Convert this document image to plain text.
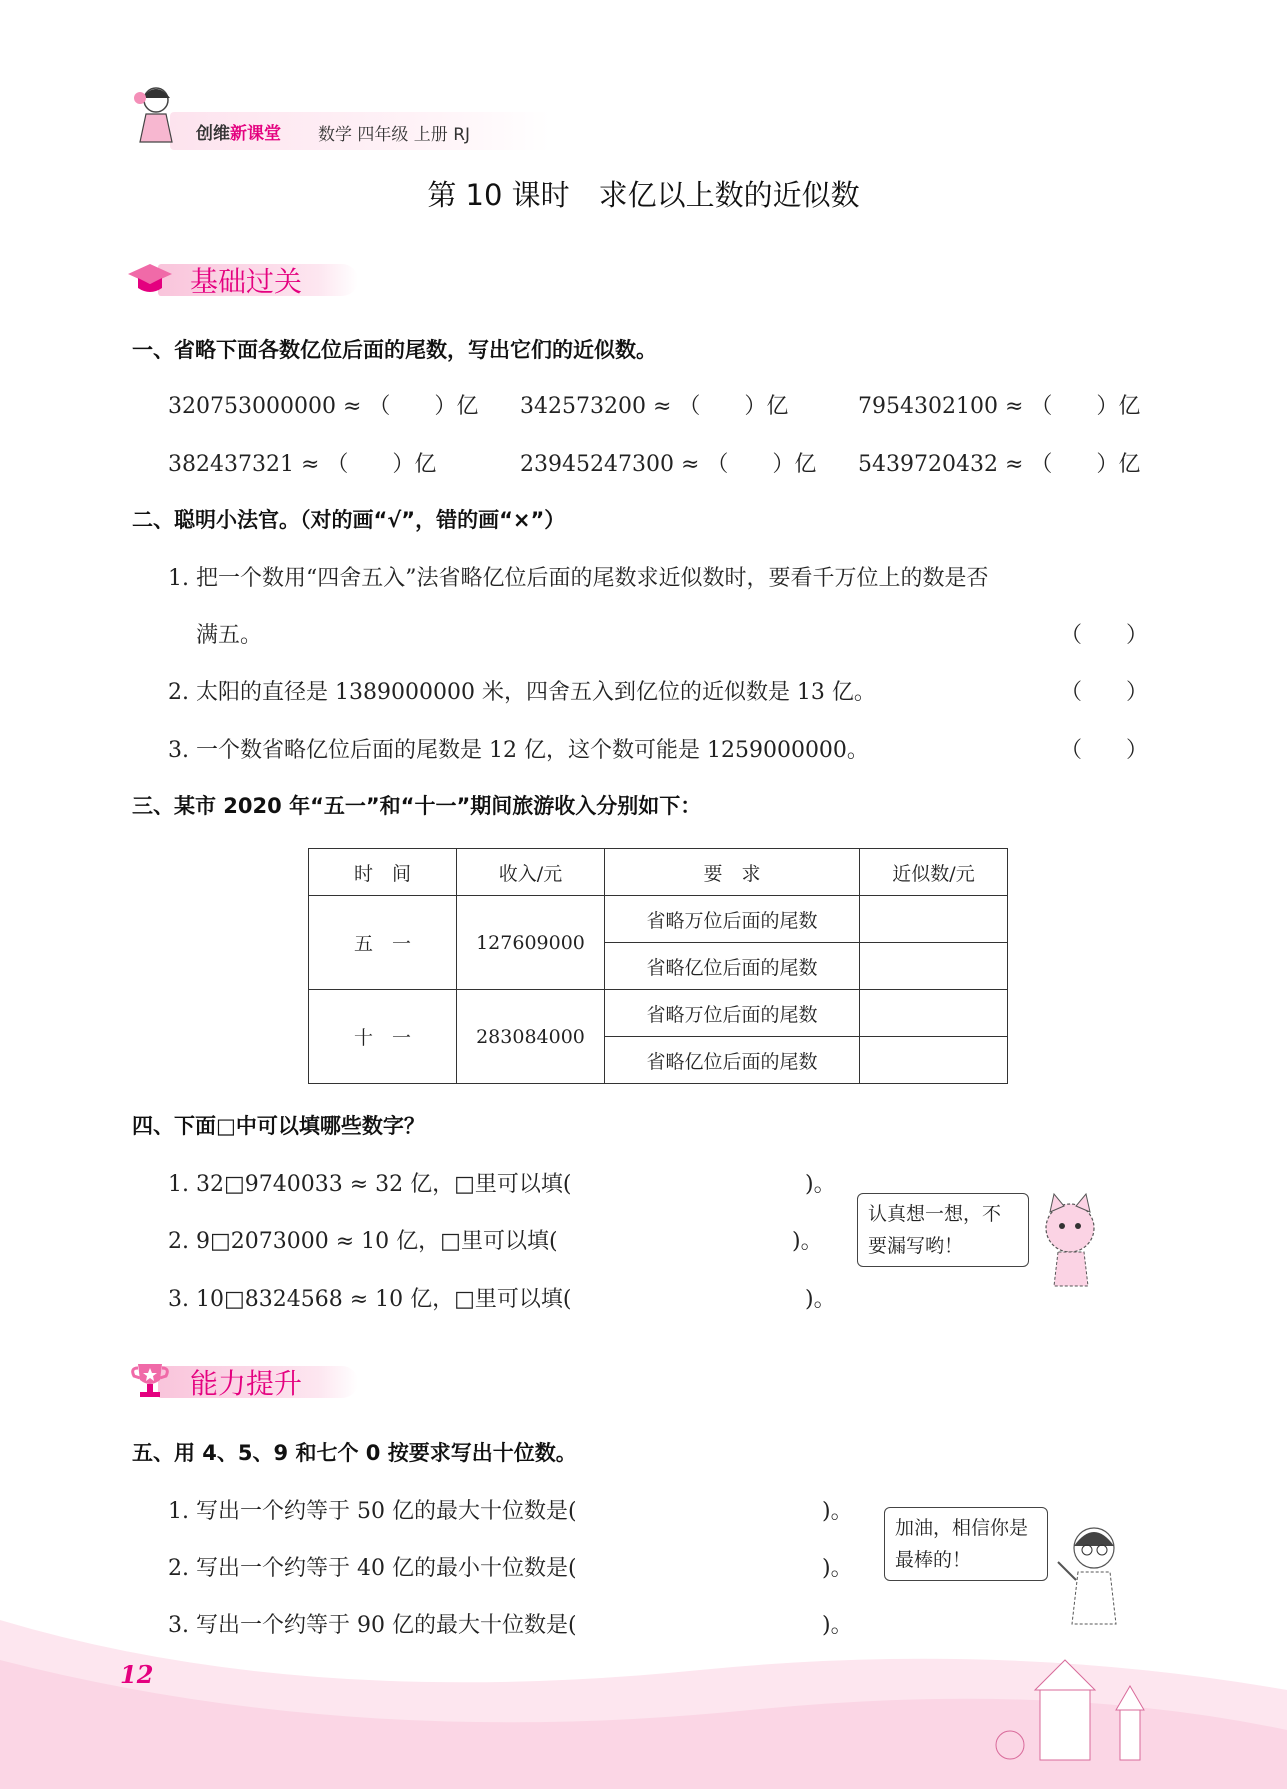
创维新课堂 数学 四年级 上册 RJ
第 10 课时　求亿以上数的近似数
基础过关
一、省略下面各数亿位后面的尾数，写出它们的近似数。
320753000000 ≈ （　　）亿 342573200 ≈ （　　）亿	7954302100 ≈ （　　）亿
382437321 ≈ （　　）亿	23945247300 ≈ （　　）亿 5439720432 ≈ （　　）亿
二、聪明小法官。（对的画“√”，错的画“×”）
1. 把一个数用“四舍五入”法省略亿位后面的尾数求近似数时，要看千万位上的数是否
满五。	（　　）
2. 太阳的直径是 1389000000 米，四舍五入到亿位的近似数是 13 亿。	（　　）
3. 一个数省略亿位后面的尾数是 12 亿，这个数可能是 1259000000。	（　　）
三、某市 2020 年“五一”和“十一”期间旅游收入分别如下：
时　间	收入/元	要　求	近似数/元
五　一	127609000	省略万位后面的尾数	
		省略亿位后面的尾数	
十　一	283084000	省略万位后面的尾数	
		省略亿位后面的尾数	
四、下面□中可以填哪些数字？
1. 32□9740033 ≈ 32 亿，□里可以填(	)。
2. 9□2073000 ≈ 10 亿，□里可以填(	)。
3. 10□8324568 ≈ 10 亿，□里可以填(	)。
认真想一想，不
要漏写哟！
能力提升
五、用 4、5、9 和七个 0 按要求写出十位数。
1. 写出一个约等于 50 亿的最大十位数是(	)。
2. 写出一个约等于 40 亿的最小十位数是(	)。
3. 写出一个约等于 90 亿的最大十位数是(	)。
加油，相信你是
最棒的！
12
